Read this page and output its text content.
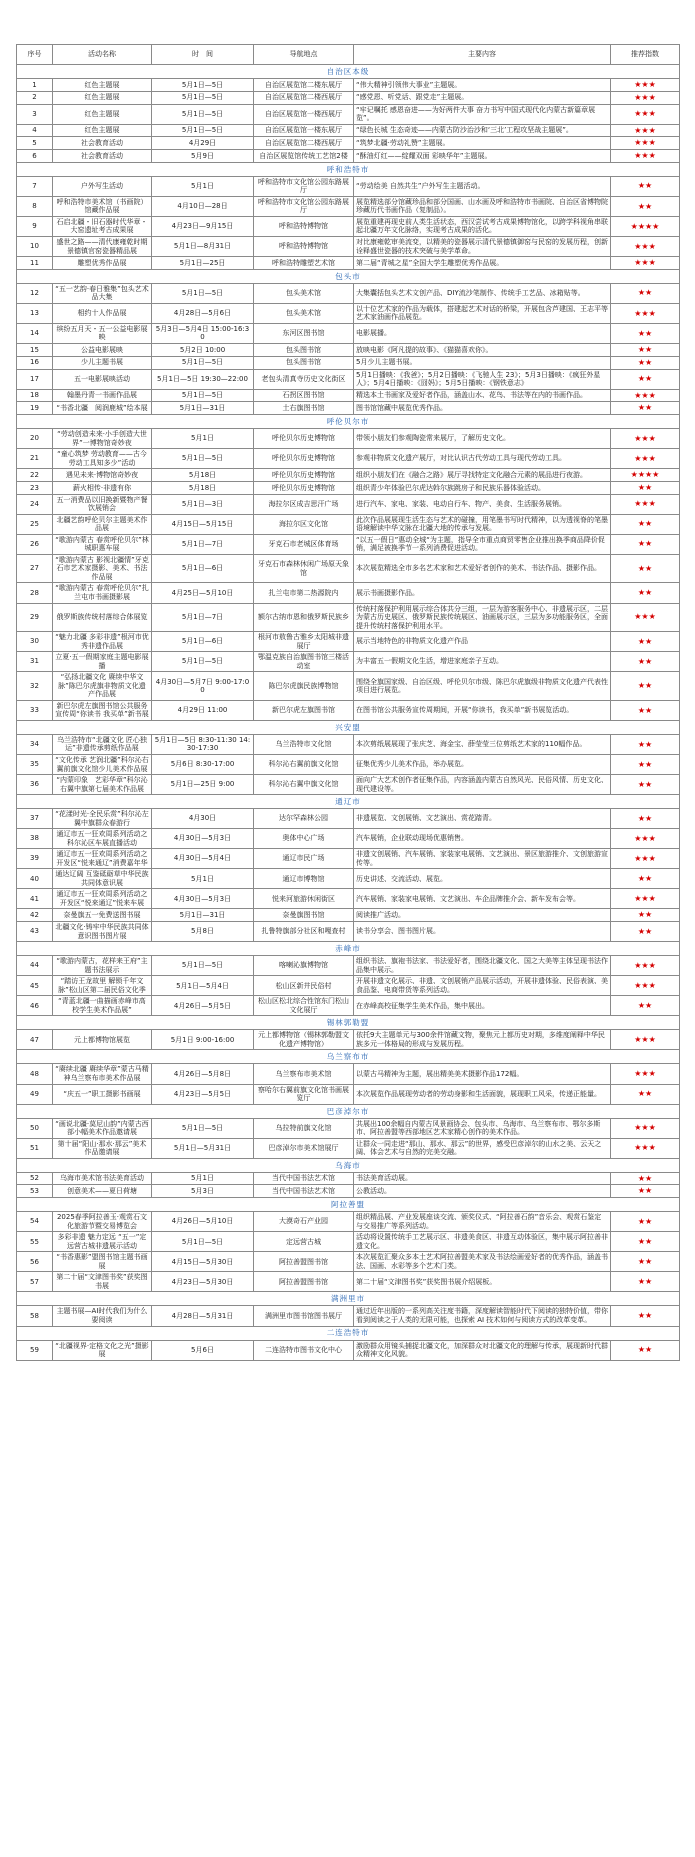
序号	活动名称	时　间	导航地点	主要内容	推荐指数
自治区本级					
1	红色主题展	5月1日—5日	自治区展览馆二楼东展厅	“伟大精神引领伟大事业”主题展。	★★★
2	红色主题展	5月1日—5日	自治区展览馆二楼西展厅	“感党恩、听党话、跟党走”主题展。	★★★
3	红色主题展	5月1日—5日	自治区展览馆一楼西展厅	“牢记嘱托 感恩奋进——为好两件大事 奋力书写中国式现代化内蒙古新篇章展览”。	★★★
4	红色主题展	5月1日—5日	自治区展览馆一楼东展厅	“绿色长城 生态奇迹——内蒙古防沙治沙和‘三北’工程攻坚战主题展”。	★★★
5	社会教育活动	4月29日	自治区展览馆二楼西展厅	“筑梦北疆·劳动礼赞”主题展。	★★★
6	社会教育活动	5月9日	自治区展览馆传统工艺馆2楼	“酥油灯红——绽耀双面 彩映华年”主题展。	★★★
呼和浩特市					
7	户外写生活动	5月1日	呼和浩特市文化馆公园东路展厅	“劳动绘美 自然共生”户外写生主题活动。	★★
8	呼和浩特市美术馆（书画院）馆藏作品展	4月10日—28日	呼和浩特市文化馆公园东路展厅	展览精选部分馆藏珍品和部分国画、山水画及呼和浩特市书画院、自治区省博物院珍藏历代书画作品（复制品）。	★★
9	石启北疆・旧石器时代华章・大窑遗址考古成果展	4月23日—9月15日	呼和浩特博物馆	展览重建再现史前人类生活状态，西汉尝试考古成果博物馆化，以跨学科视角串联起北疆万年文化脉络，实现考古成果的活化。	★★★★
10	盛世之路——清代康雍乾时期景德镇官窑瓷器精品展	5月1日—8月31日	呼和浩特博物馆	对比康雍乾审美流变，以精美的瓷器展示清代景德镇御窑与民窑的发展历程，创新诠释盛世瓷器的技术突破与美学革命。	★★★
11	雕塑优秀作品展	5月1日—25日	呼和浩特雕塑艺术馆	第二届“青城之星”全国大学生雕塑优秀作品展。	★★★
包头市					
12	“五一艺韵·春日雅集”包头艺术品大集	5月1日—5日	包头美术馆	大集囊括包头艺术文创产品、DIY流沙笔制作、传统手工艺品、冰箱贴等。	★★
13	相约十人作品展	4月28日—5月6日	包头美术馆	以十位艺术家的作品为载体，搭建起艺术对话的桥梁，开展包含芦建国、王志平等艺术家油画作品展览。	★★★
14	缤纷五月天・五一公益电影展映	5月3日—5月4日 15:00-16:30	东河区图书馆	电影展播。	★★
15	公益电影展映	5月2日 10:00	包头图书馆	放映电影《阿凡提的故事》、《猫猫喜欢你》。	★★
16	少儿主题书展	5月1日—5日	包头图书馆	5月少儿主题书展。	★★
17	五一电影展映活动	5月1日—5日 19:30—22:00	老包头清真寺历史文化街区	5月1日播映：《我爸》；5月2日播映：《飞驰人生 23》；5月3日播映：《疯狂外星人》；5月4日播映：《囧妈》；5月5日播映：《钢铁意志》	★★
18	翰墨丹青一书画作品展	5月1日—5日	石拐区图书馆	精选本土书画家及爱好者作品，涵盖山水、花鸟、书法等在内的书画作品。	★★★
19	“书香北疆　阅润鹿城”绘本展	5月1日—31日	土右旗图书馆	图书馆馆藏中展览优秀作品。	★★
呼伦贝尔市					
20	“劳动创造未来·小手创造大世界”一博物馆奇妙夜	5月1日	呼伦贝尔历史博物馆	带领小朋友们参观陶瓷常来展厅，了解历史文化。	★★★
21	“童心筑梦 劳动教育——古今劳动工具知多少”活动	5月1日—5日	呼伦贝尔历史博物馆	参观非物质文化遗产展厅，对比认识古代劳动工具与现代劳动工具。	★★★
22	遇见未来·博物馆奇妙夜	5月18日	呼伦贝尔历史博物馆	组织小朋友们在《融合之路》展厅寻找特定文化融合元素的展品进行夜游。	★★★★
23	薪火相传·非遗有你	5月18日	呼伦贝尔历史博物馆	组织青少年体验巴尔虎达斡尔族跳房子和民族乐器体验活动。	★★
24	五一消费品以旧换新暨物产餐饮展销会	5月1日—3日	海拉尔区成吉思汗广场	进行汽车、家电、家装、电动自行车、物产、美食、生活服务展销。	★★★
25	北疆艺韵呼伦贝尔主题美术作品展	4月15日—5月15日	海拉尔区文化馆	此次作品展展现生活生态与艺术的碰撞，用笔墨书写时代精神，以为透视脊的笔墨语境解读中华文脉在北疆大地的传承与发展。	★★
26	“歌游内蒙古 春赏呼伦贝尔”林城职惠车展	5月1日—7日	牙克石市老城区体育场	“以五一假日”惠动全城“为主题，指导全市重点商贸零售企业推出换季商品降价促销，满足被换季节一系列消费促进活动。	★★
27	“歌游内蒙古 影视北疆情”牙克石市艺术家摄影、美术、书法作品展	5月1日—6日	牙克石市森林休闲广场原天象馆	本次展览精选全市多名艺术家和艺术爱好者创作的美术、书法作品、摄影作品。	★★
28	“歌游内蒙古 春赏呼伦贝尔”扎兰屯市书画摄影展	4月25日—5月10日	扎兰屯市第二热源院内	展示书画摄影作品。	★★
29	俄罗斯族传统村落综合体展览	5月1日—7日	额尔古纳市恩和俄罗斯民族乡	传统村落保护利用展示综合体共分三组，一层为游客服务中心、非遗展示区，二层为蒙古历史展区、俄罗斯民族传统展区、油画展示区，三层为多功能服务区，全面提升传统村落保护利用水平。	★★★
30	“魅力北疆 多彩非遗”根河市优秀非遗作品展	5月1日—6日	根河市敖鲁古雅乡太阳城非遗展厅	展示当地特色的非物质文化遗产作品	★★
31	立夏·五一假期家庭主题电影展播	5月1日—5日	鄂温克族自治旗图书馆三楼活动室	为丰富五一假期文化生活，增进家庭亲子互动。	★★
32	“弘扬北疆文化 赓续中华文脉”陈巴尔虎旗非物质文化遗产作品展	4月30日—5月7日 9:00-17:00	陈巴尔虎旗民族博物馆	围绕全旗国家级、自治区级、呼伦贝尔市级、陈巴尔虎旗级非物质文化遗产代表性项目进行展览。	★★
33	新巴尔虎左旗图书馆公共服务宣传周“你读书 我买单”新书展	4月29日 11:00	新巴尔虎左旗图书馆	在图书馆公共服务宣传周期间，开展“你读书，我买单”新书展览活动。	★★
兴安盟					
34	乌兰浩特市“北疆文化 匠心独运”非遗传承剪纸作品展	5月1日—5日 8:30-11:30 14:30-17:30	乌兰浩特市文化馆	本次剪纸展展现了张庆芝、海金宝、薛莹莹三位剪纸艺术家的110幅作品。	★★
35	“文化传承 艺润北疆”科尔沁右翼前旗文化馆少儿美术作品展	5月6日 8:30-17:00	科尔沁右翼前旗文化馆	征集优秀少儿美术作品，举办展览。	★★
36	“内蒙印象　艺彩华章”科尔沁右翼中旗第七届美术作品展	5月1日—25日 9:00	科尔沁右翼中旗文化馆	面向广大艺术创作者征集作品，内容涵盖内蒙古自然风光、民俗风情、历史文化、现代建设等。	★★
通辽市					
37	“花漾时光·全民乐赏”科尔沁左翼中旗群众春游行	4月30日	达尔罕森林公园	非遗展览、文创展销、文艺演出、赏花踏青。	★★
38	通辽市五一狂欢周系列活动之科尔沁区车展直播活动	4月30日—5月3日	奥体中心广场	汽车展销，企业联动现场优惠销售。	★★★
39	通辽市五一狂欢周系列活动之开发区“悦来通辽”消费嘉年华	4月30日—5月4日	通辽市民广场	非遗文创展销、汽车展销、家装家电展销、文艺演出、景区旅游推介、文创旅游宣传等。	★★★
40	通达辽阔 互鉴砥砺草中华民族共同体意识展	5月1日	通辽市博物馆	历史讲述、交流活动、展览。	★★
41	通辽市五一狂欢周系列活动之开发区“悦来通辽”悦来车展	4月30日—5月3日	悦来河旅游休闲街区	汽车展销、家装家电展销、文艺演出、车企品牌推介会、新车发布会等。	★★★
42	奈曼旗五一免费送图书展	5月1日—31日	奈曼旗图书馆	阅读推广活动。	★★
43	北疆文化·铸牢中华民族共同体意识图书图片展	5月8日	扎鲁特旗部分社区和嘎查村	读书分享会、图书图片展。	★★
赤峰市					
44	“歌游内蒙古，花样来王府”主题书法展示	5月1日—5日	喀喇沁旗博物馆	组织书法、旗袍书法家、书法爱好者，围绕北疆文化、国之大美等主体呈现书法作品集中展示。	★★★
45	“踏访王龙故里 解锁千年文脉”松山区第二届民俗文化季	5月1日—5月4日	松山区新井民俗村	开展非遗文化展示、非遗、文创展销产品展示活动，开展非遗体验、民俗表演、美食品鉴、电商带货等系列活动。	★★★
46	“青蓝北疆一曲描画赤峰市高校学生美术作品展”	4月26日—5月5日	松山区松北综合性馆东门松山文化展厅	在赤峰高校征集学生美术作品，集中展出。	★★
锡林郭勒盟					
47	元上都博物馆展览	5月1日 9:00-16:00	元上都博物馆（锡林郭勒盟文化遗产博物馆）	依托9大主题单元与300余件馆藏文物，聚焦元上都历史对期，多维度阐释中华民族多元一体格局的形成与发展历程。	★★★
乌兰察布市					
48	“赓续北疆 赓续华章”蒙古马精神乌兰察布市美术作品展	4月26日—5月8日	乌兰察布市美术馆	以蒙古马精神为主题，展出精美美术摄影作品172幅。	★★★
49	“庆五一”职工摄影书画展	4月23日—5月5日	察哈尔右翼前旗文化馆书画展览厅	本次展览作品展现劳动者的劳动身影和生活面貌，展现职工风采，传递正能量。	★★
巴彦淖尔市					
50	“画说北疆·莫尼山韵”内蒙古西部小幅美术作品邀请展	5月1日—5日	乌拉特前旗文化馆	共展出100余幅自内蒙古风景画协会、包头市、乌海市、乌兰察布市、鄂尔多斯市、阿拉善盟等西部地区艺术家精心创作的美术作品。	★★★
51	第十届“阳山·那水·那云”美术作品邀请展	5月1日—5月31日	巴彦淖尔市美术馆展厅	让群众一同走进“那山、那水、那云”的世界，感受巴彦淖尔的山水之美、云天之阔、体会艺术与自然的完美交融。	★★★
乌海市					
52	乌海市美术馆书法美育活动	5月1日	当代中国书法艺术馆	书法美育活动展。	★★
53	创意美术——夏日荷塘	5月3日	当代中国书法艺术馆	公教活动。	★★
阿拉善盟					
54	2025春季阿拉善玉·观赏石文化旅游节暨交易博览会	4月26日—5月10日	大漠奇石产业园	组织精品展、产业发展座谈交流、颁奖仪式、“阿拉善石韵”音乐会、观赏石鉴定与交易推广等系列活动。	★★
55	多彩非遗 魅力定远 “五一”定远营古城非遗展示活动	5月1日—5日	定远营古城	活动将设置传统手工艺展示区、非遗美食区、非遗互动体验区，集中展示阿拉善非遗文化。	★★
56	“书香惠影”盟图书馆主题书画展	4月15日—5月30日	阿拉善盟图书馆	本次展览汇聚众多本土艺术阿拉善盟美术家及书法绘画爱好者的优秀作品，涵盖书法、国画、水彩等多个艺术门类。	★★
57	第二十届“文津图书奖”获奖图书展	4月23日—5月30日	阿拉善盟图书馆	第二十届“文津图书奖”获奖图书展介绍展板。	★★
满洲里市					
58	主题书展—AI时代我们为什么要阅读	4月28日—5月31日	满洲里市图书馆图书展厅	通过近年出版的一系列高关注度书籍，深度解读智能时代下阅读的独特价值，带你看到阅读之于人类的无限可能，也探索 AI 技术如何与阅读方式的改革变革。	★★
二连浩特市					
59	“北疆视界·定格文化之光”摄影展	5月6日	二连浩特市图书文化中心	激励群众用镜头捕捉北疆文化，加深群众对北疆文化的理解与传承，展现新时代群众精神文化风貌。	★★
